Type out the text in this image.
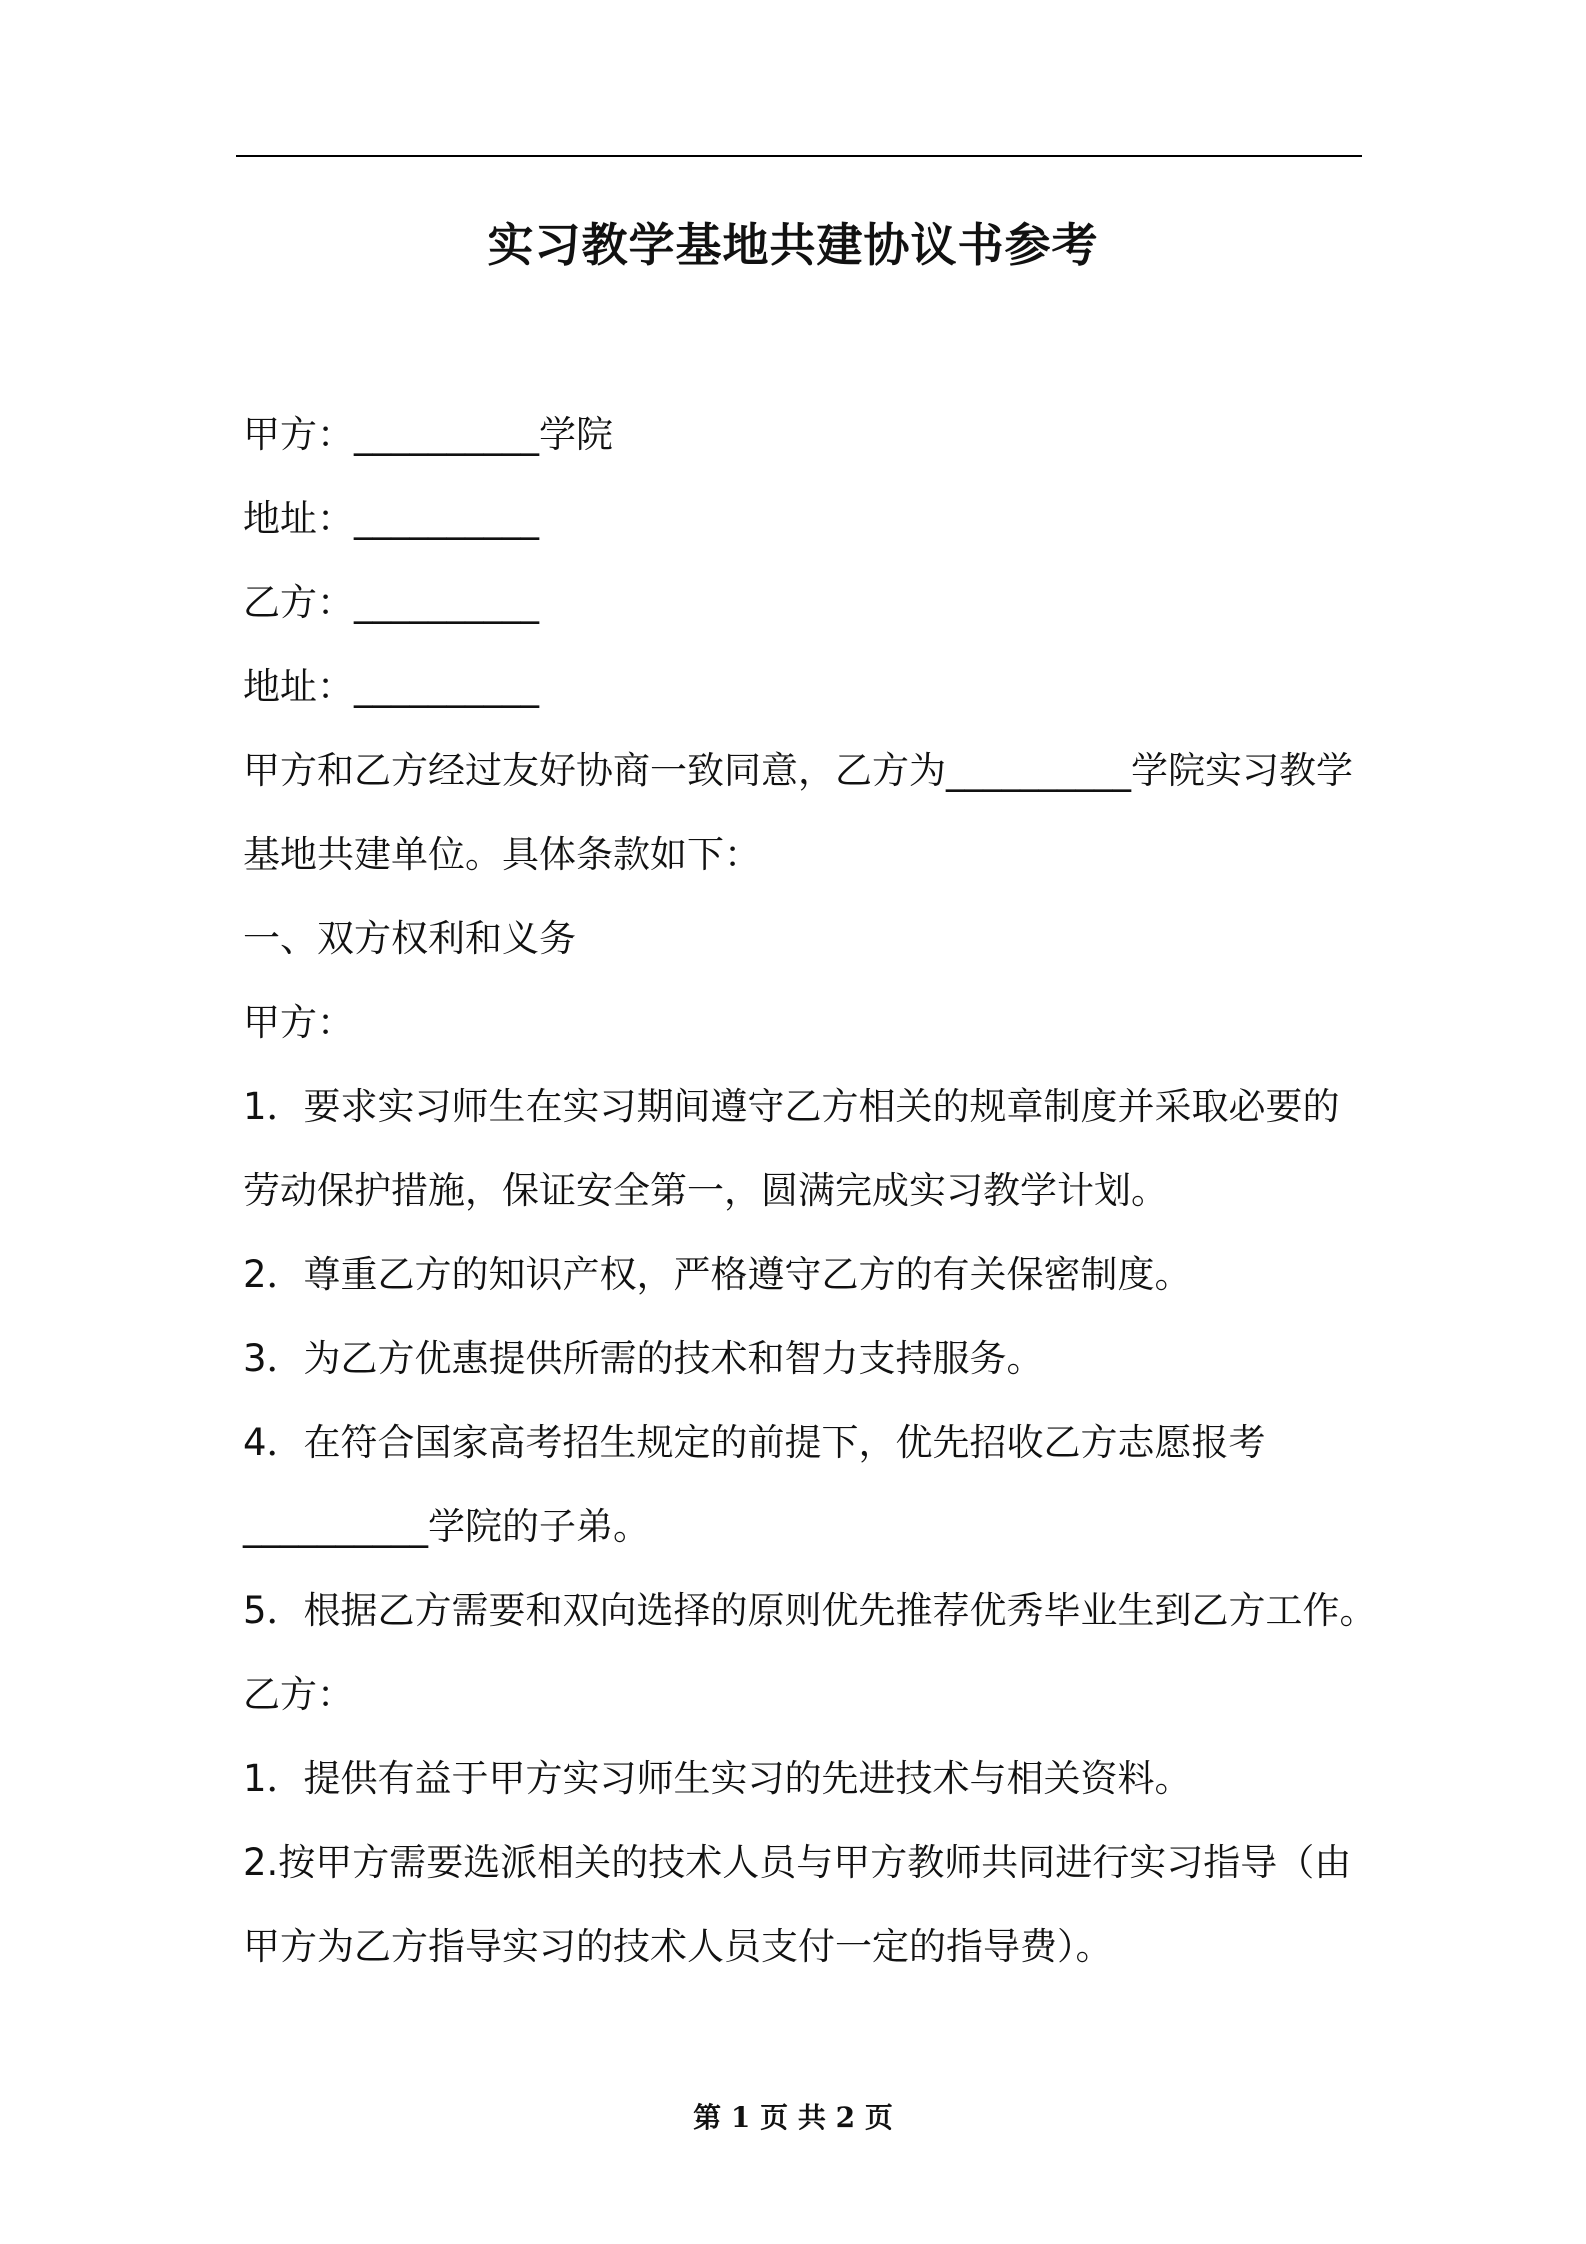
实习教学基地共建协议书参考
甲方：__________学院
地址：__________
乙方：__________
地址：__________
甲方和乙方经过友好协商一致同意，乙方为__________学院实习教学
基地共建单位。具体条款如下：
一、双方权利和义务
甲方：
1．要求实习师生在实习期间遵守乙方相关的规章制度并采取必要的
劳动保护措施，保证安全第一，圆满完成实习教学计划。
2．尊重乙方的知识产权，严格遵守乙方的有关保密制度。
3．为乙方优惠提供所需的技术和智力支持服务。
4．在符合国家高考招生规定的前提下，优先招收乙方志愿报考
__________学院的子弟。
5．根据乙方需要和双向选择的原则优先推荐优秀毕业生到乙方工作。
乙方：
1．提供有益于甲方实习师生实习的先进技术与相关资料。
2.按甲方需要选派相关的技术人员与甲方教师共同进行实习指导（由
甲方为乙方指导实习的技术人员支付一定的指导费）。
第 1 页 共 2 页
